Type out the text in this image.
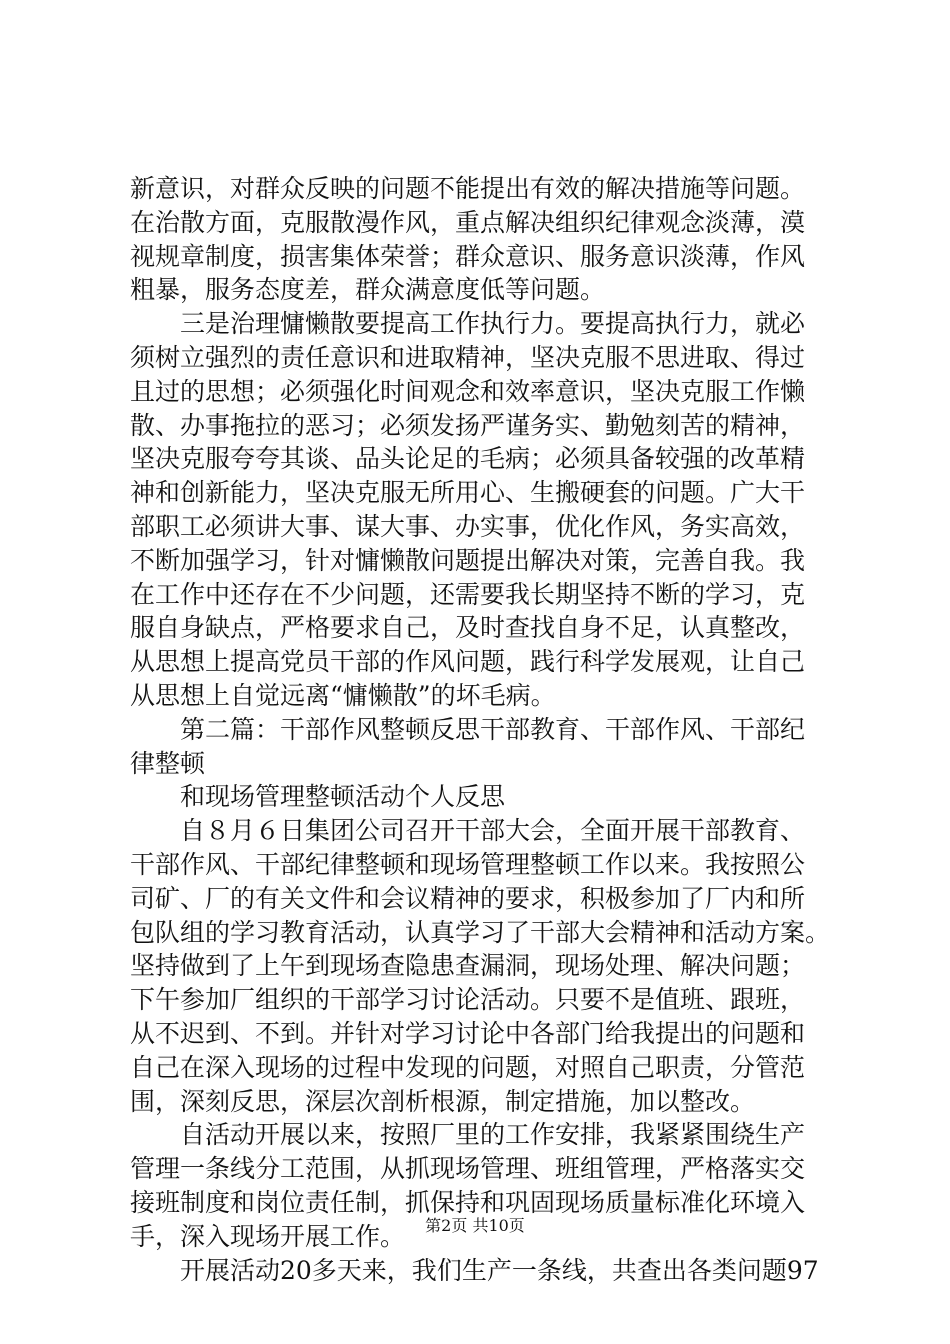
新意识，对群众反映的问题不能提出有效的解决措施等问题。
在治散方面，克服散漫作风，重点解决组织纪律观念淡薄，漠
视规章制度，损害集体荣誉；群众意识、服务意识淡薄，作风
粗暴，服务态度差，群众满意度低等问题。
　　三是治理慵懒散要提高工作执行力。要提高执行力，就必
须树立强烈的责任意识和进取精神，坚决克服不思进取、得过
且过的思想；必须强化时间观念和效率意识，坚决克服工作懒
散、办事拖拉的恶习；必须发扬严谨务实、勤勉刻苦的精神，
坚决克服夸夸其谈、品头论足的毛病；必须具备较强的改革精
神和创新能力，坚决克服无所用心、生搬硬套的问题。广大干
部职工必须讲大事、谋大事、办实事，优化作风，务实高效，
不断加强学习，针对慵懒散问题提出解决对策，完善自我。我
在工作中还存在不少问题，还需要我长期坚持不断的学习，克
服自身缺点，严格要求自己，及时查找自身不足，认真整改，
从思想上提高党员干部的作风问题，践行科学发展观，让自己
从思想上自觉远离“慵懒散”的坏毛病。
　　第二篇：干部作风整顿反思干部教育、干部作风、干部纪
律整顿
　　和现场管理整顿活动个人反思
　　自８月６日集团公司召开干部大会，全面开展干部教育、
干部作风、干部纪律整顿和现场管理整顿工作以来。我按照公
司矿、厂的有关文件和会议精神的要求，积极参加了厂内和所
包队组的学习教育活动，认真学习了干部大会精神和活动方案。
坚持做到了上午到现场查隐患查漏洞，现场处理、解决问题；
下午参加厂组织的干部学习讨论活动。只要不是值班、跟班，
从不迟到、不到。并针对学习讨论中各部门给我提出的问题和
自己在深入现场的过程中发现的问题，对照自己职责，分管范
围，深刻反思，深层次剖析根源，制定措施，加以整改。
　　自活动开展以来，按照厂里的工作安排，我紧紧围绕生产
管理一条线分工范围，从抓现场管理、班组管理，严格落实交
接班制度和岗位责任制，抓保持和巩固现场质量标准化环境入
手，深入现场开展工作。
　　开展活动20多天来，我们生产一条线，共查出各类问题97
第2页 共10页
